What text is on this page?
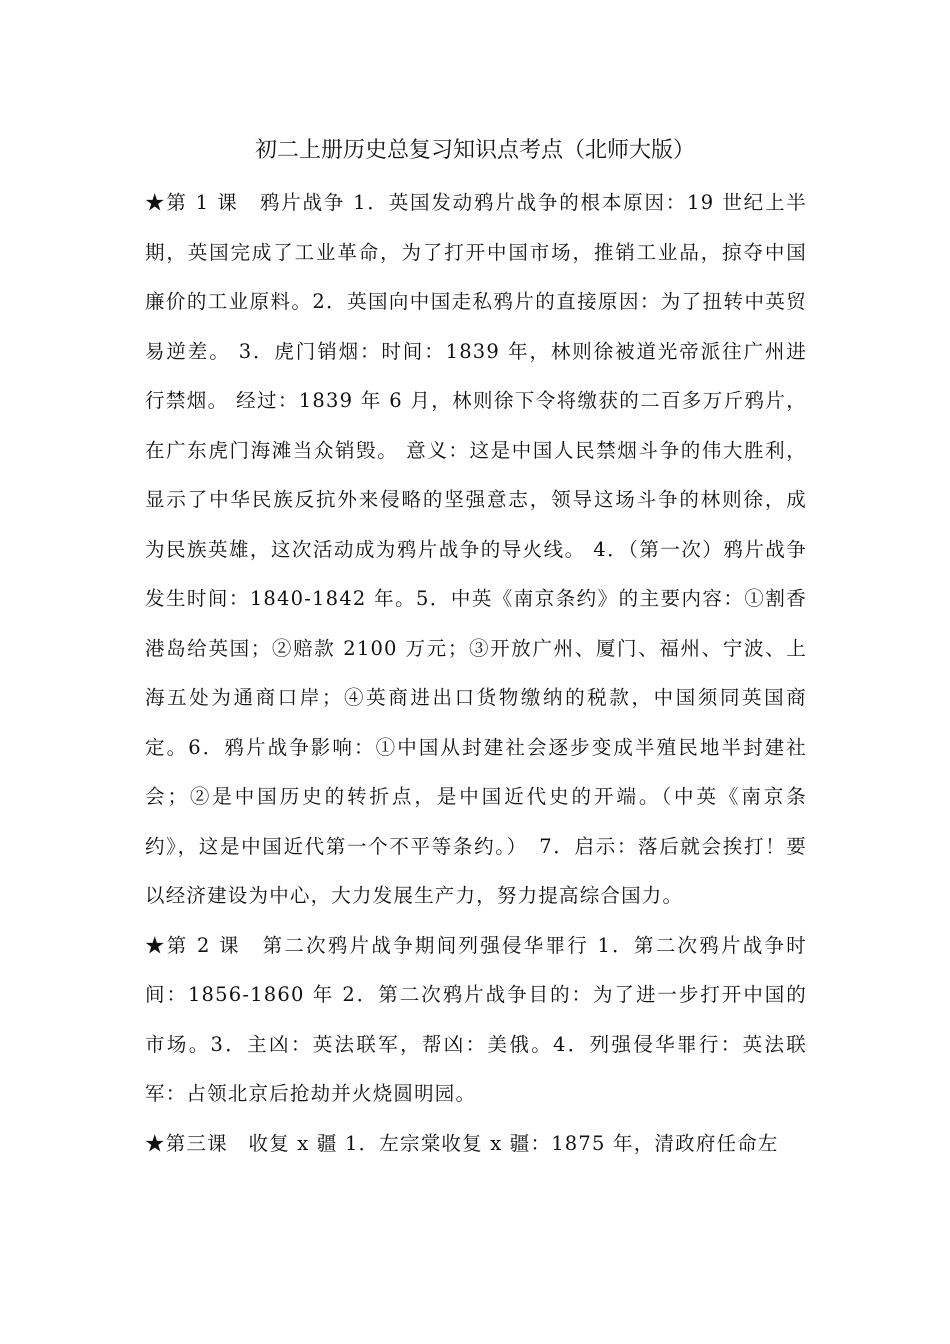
初二上册历史总复习知识点考点（北师大版）

★第 1 课　鸦片战争 1．英国发动鸦片战争的根本原因：19 世纪上半期，英国完成了工业革命，为了打开中国市场，推销工业品，掠夺中国廉价的工业原料。2．英国向中国走私鸦片的直接原因：为了扭转中英贸易逆差。 3．虎门销烟：时间：1839 年，林则徐被道光帝派往广州进行禁烟。 经过：1839 年 6 月，林则徐下令将缴获的二百多万斤鸦片，在广东虎门海滩当众销毁。 意义：这是中国人民禁烟斗争的伟大胜利，显示了中华民族反抗外来侵略的坚强意志，领导这场斗争的林则徐，成为民族英雄，这次活动成为鸦片战争的导火线。 4．（第一次）鸦片战争发生时间：1840-1842 年。5．中英《南京条约》的主要内容：①割香港岛给英国；②赔款 2100 万元；③开放广州、厦门、福州、宁波、上海五处为通商口岸；④英商进出口货物缴纳的税款，中国须同英国商定。6．鸦片战争影响：①中国从封建社会逐步变成半殖民地半封建社会；②是中国历史的转折点，是中国近代史的开端。（中英《南京条约》，这是中国近代第一个不平等条约。）　7．启示：落后就会挨打！要以经济建设为中心，大力发展生产力，努力提高综合国力。

★第 2 课　第二次鸦片战争期间列强侵华罪行 1．第二次鸦片战争时间：1856-1860 年 2．第二次鸦片战争目的：为了进一步打开中国的市场。3．主凶：英法联军，帮凶：美俄。4．列强侵华罪行：英法联军：占领北京后抢劫并火烧圆明园。

★第三课　收复 x 疆 1．左宗棠收复 x 疆：1875 年，清政府任命左
